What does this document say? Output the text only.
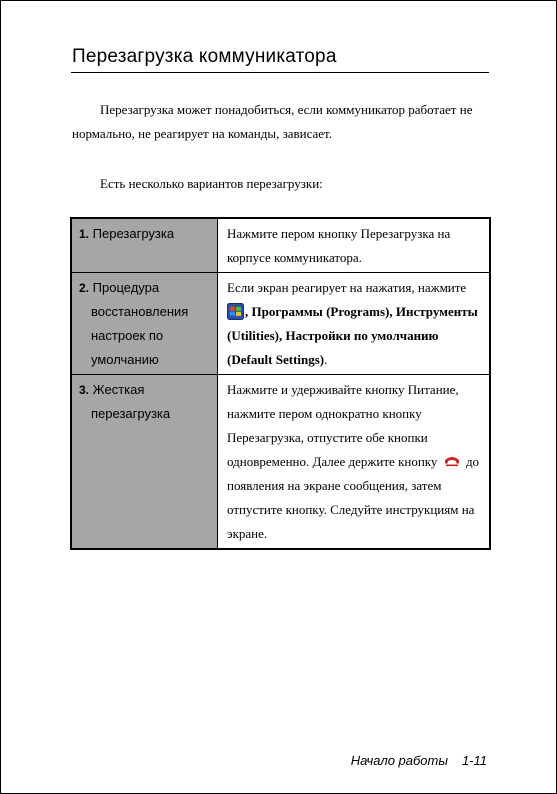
Перезагрузка коммуникатора
Перезагрузка может понадобиться, если коммуникатор работает не нормально, не реагирует на команды, зависает.
Есть несколько вариантов перезагрузки:
1. Перезагрузка	Нажмите пером кнопку Перезагрузка на корпусе коммуникатора.
2. Процедура
восстановления
настроек по
умолчанию	Если экран реагирует на нажатия, нажмите
, Программы (Programs), Инструменты (Utilities), Настройки по умолчанию (Default Settings).
3. Жесткая
перезагрузка	Нажмите и удерживайте кнопку Питание, нажмите пером однократно кнопку Перезагрузка, отпустите обе кнопки одновременно. Далее держите кнопку
до появления на экране сообщения, затем отпустите кнопку. Следуйте инструкциям на экране.
Начало работы 1-11
